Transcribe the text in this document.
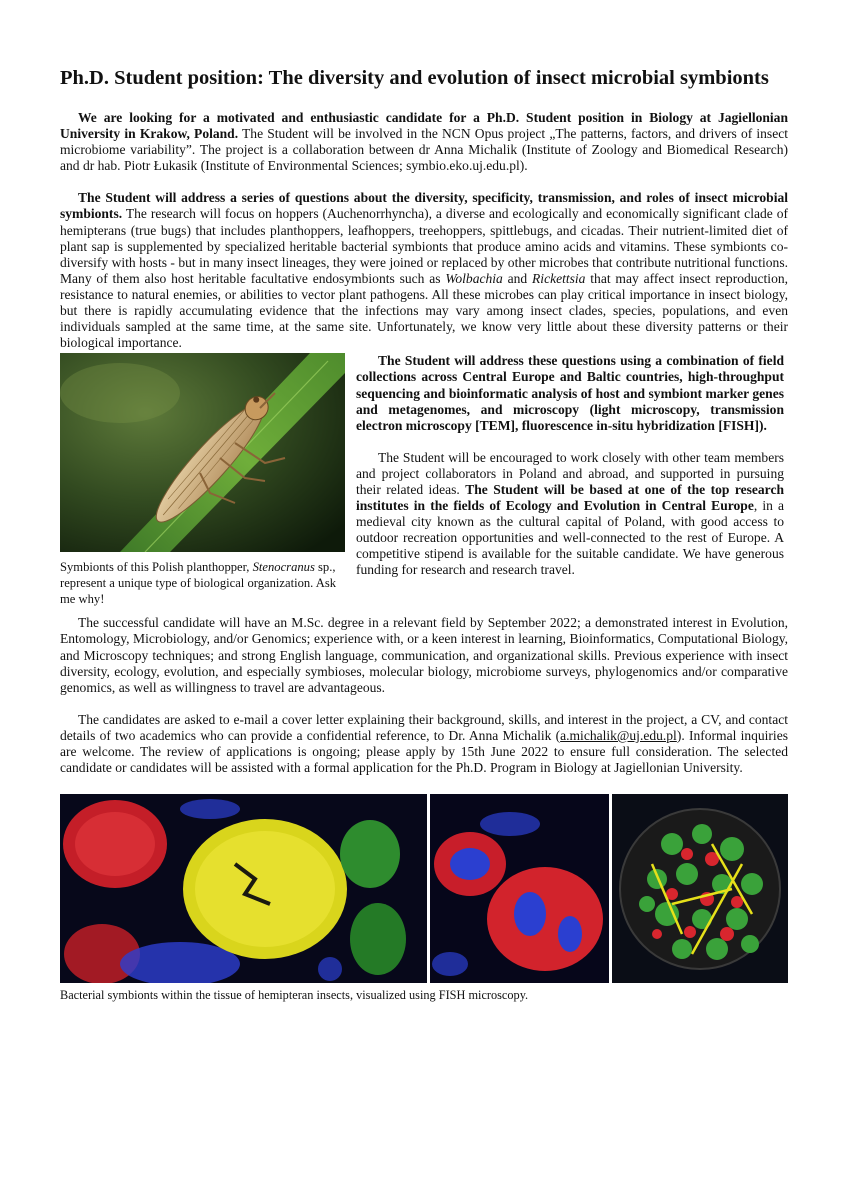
Ph.D. Student position: The diversity and evolution of insect microbial symbionts

We are looking for a motivated and enthusiastic candidate for a Ph.D. Student position in Biology at Jagiellonian University in Krakow, Poland. The Student will be involved in the NCN Opus project „The patterns, factors, and drivers of insect microbiome variability”. The project is a collaboration between dr Anna Michalik (Institute of Zoology and Biomedical Research) and dr hab. Piotr Łukasik (Institute of Environmental Sciences; symbio.eko.uj.edu.pl).

The Student will address a series of questions about the diversity, specificity, transmission, and roles of insect microbial symbionts. The research will focus on hoppers (Auchenorrhyncha), a diverse and ecologically and economically significant clade of hemipterans (true bugs) that includes planthoppers, leafhoppers, treehoppers, spittlebugs, and cicadas. Their nutrient-limited diet of plant sap is supplemented by specialized heritable bacterial symbionts that produce amino acids and vitamins. These symbionts co-diversify with hosts - but in many insect lineages, they were joined or replaced by other microbes that contribute nutritional functions. Many of them also host heritable facultative endosymbionts such as Wolbachia and Rickettsia that may affect insect reproduction, resistance to natural enemies, or abilities to vector plant pathogens. All these microbes can play critical importance in insect biology, but there is rapidly accumulating evidence that the infections may vary among insect clades, species, populations, and even individuals sampled at the same time, at the same site. Unfortunately, we know very little about these diversity patterns or their biological importance.

Symbionts of this Polish planthopper, Stenocranus sp., represent a unique type of biological organization. Ask me why!

The Student will address these questions using a combination of field collections across Central Europe and Baltic countries, high-throughput sequencing and bioinformatic analysis of host and symbiont marker genes and metagenomes, and microscopy (light microscopy, transmission electron microscopy [TEM], fluorescence in-situ hybridization [FISH]).

The Student will be encouraged to work closely with other team members and project collaborators in Poland and abroad, and supported in pursuing their related ideas. The Student will be based at one of the top research institutes in the fields of Ecology and Evolution in Central Europe, in a medieval city known as the cultural capital of Poland, with good access to outdoor recreation opportunities and well-connected to the rest of Europe. A competitive stipend is available for the suitable candidate. We have generous funding for research and research travel.

The successful candidate will have an M.Sc. degree in a relevant field by September 2022; a demonstrated interest in Evolution, Entomology, Microbiology, and/or Genomics; experience with, or a keen interest in learning, Bioinformatics, Computational Biology, and Microscopy techniques; and strong English language, communication, and organizational skills. Previous experience with insect diversity, ecology, evolution, and especially symbioses, molecular biology, microbiome surveys, phylogenomics and/or comparative genomics, as well as willingness to travel are advantageous.

The candidates are asked to e-mail a cover letter explaining their background, skills, and interest in the project, a CV, and contact details of two academics who can provide a confidential reference, to Dr. Anna Michalik (a.michalik@uj.edu.pl). Informal inquiries are welcome. The review of applications is ongoing; please apply by 15th June 2022 to ensure full consideration. The selected candidate or candidates will be assisted with a formal application for the Ph.D. Program in Biology at Jagiellonian University.

Bacterial symbionts within the tissue of hemipteran insects, visualized using FISH microscopy.
